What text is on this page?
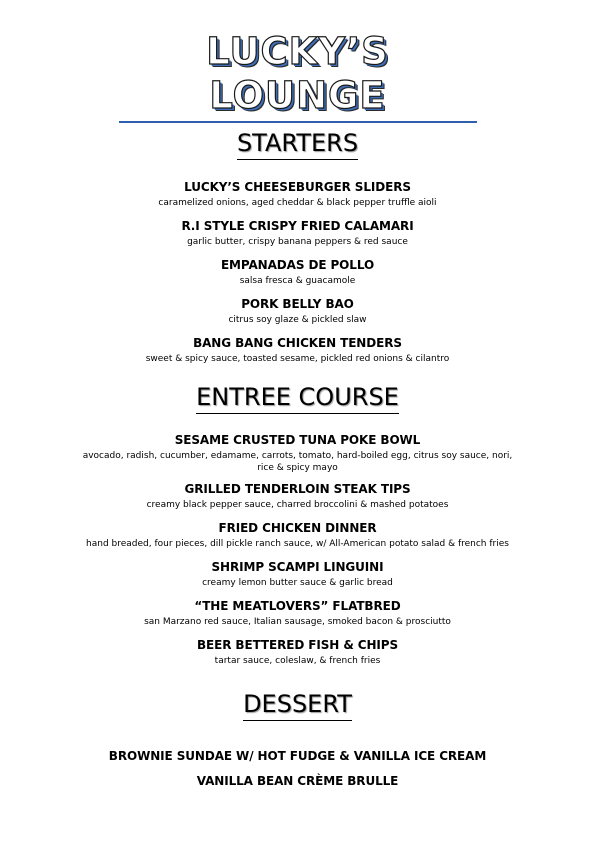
LUCKY’S LOUNGE
STARTERS
LUCKY’S CHEESEBURGER SLIDERS
caramelized onions, aged cheddar & black pepper truffle aioli
R.I STYLE CRISPY FRIED CALAMARI
garlic butter, crispy banana peppers & red sauce
EMPANADAS DE POLLO
salsa fresca & guacamole
PORK BELLY BAO
citrus soy glaze & pickled slaw
BANG BANG CHICKEN TENDERS
sweet & spicy sauce, toasted sesame, pickled red onions & cilantro
ENTREE COURSE
SESAME CRUSTED TUNA POKE BOWL
avocado, radish, cucumber, edamame, carrots, tomato, hard-boiled egg, citrus soy sauce, nori, rice & spicy mayo
GRILLED TENDERLOIN STEAK TIPS
creamy black pepper sauce, charred broccolini & mashed potatoes
FRIED CHICKEN DINNER
hand breaded, four pieces, dill pickle ranch sauce, w/ All-American potato salad & french fries
SHRIMP SCAMPI LINGUINI
creamy lemon butter sauce & garlic bread
“THE MEATLOVERS” FLATBRED
san Marzano red sauce, Italian sausage, smoked bacon & prosciutto
BEER BETTERED FISH & CHIPS
tartar sauce, coleslaw, & french fries
DESSERT
BROWNIE SUNDAE W/ HOT FUDGE & VANILLA ICE CREAM
VANILLA BEAN CRÈME BRULLE
